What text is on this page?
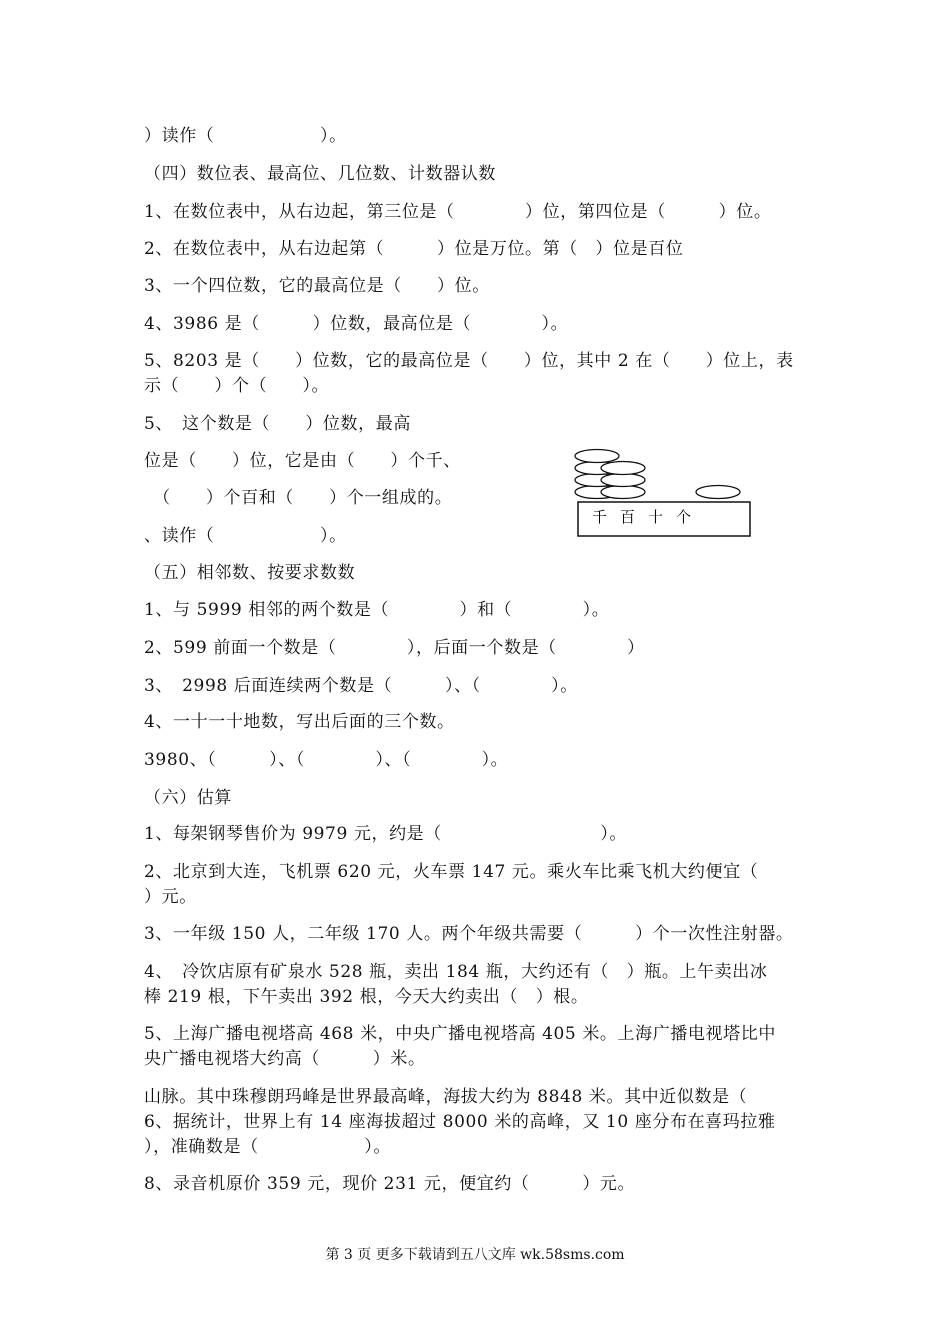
）读作（　　　　　　）。
（四）数位表、最高位、几位数、计数器认数
1、在数位表中，从右边起，第三位是（　　　　）位，第四位是（　　　）位。
2、在数位表中，从右边起第（　　　）位是万位。第（　）位是百位
3、一个四位数，它的最高位是（　　）位。
4、3986 是（　　　）位数，最高位是（　　　　）。
5、8203 是（　　）位数，它的最高位是（　　）位，其中 2 在（　　）位上，表
示（　　）个（　　）。
5、　这个数是（　　）位数，最高
位是（　　）位，它是由（　　）个千、
　（　　）个百和（　　）个一组成的。
、读作（　　　　　　）。
（五）相邻数、按要求数数
1、与 5999 相邻的两个数是（　　　　）和（　　　　）。
2、599 前面一个数是（　　　　），后面一个数是（　　　　）
3、　2998 后面连续两个数是（　　　）、（　　　　）。
4、一十一十地数，写出后面的三个数。
3980、（　　　）、（　　　　）、（　　　　）。
（六）估算
1、每架钢琴售价为 9979 元，约是（　　　　　　　　　）。
2、北京到大连，飞机票 620 元，火车票 147 元。乘火车比乘飞机大约便宜（
）元。
3、一年级 150 人，二年级 170 人。两个年级共需要（　　　）个一次性注射器。
4、　冷饮店原有矿泉水 528 瓶，卖出 184 瓶，大约还有（　）瓶。上午卖出冰
棒 219 根，下午卖出 392 根，今天大约卖出（　）根。
5、上海广播电视塔高 468 米，中央广播电视塔高 405 米。上海广播电视塔比中
央广播电视塔大约高（　　　）米。
6、据统计，世界上有 14 座海拔超过 8000 米的高峰，又 10 座分布在喜玛拉雅
山脉。其中珠穆朗玛峰是世界最高峰，海拔大约为 8848 米。其中近似数是（
），准确数是（　　　　　　）。
8、录音机原价 359 元，现价 231 元，便宜约（　　　）元。
千 百 十 个
第 3 页 更多下载请到五八文库 wk.58sms.com
